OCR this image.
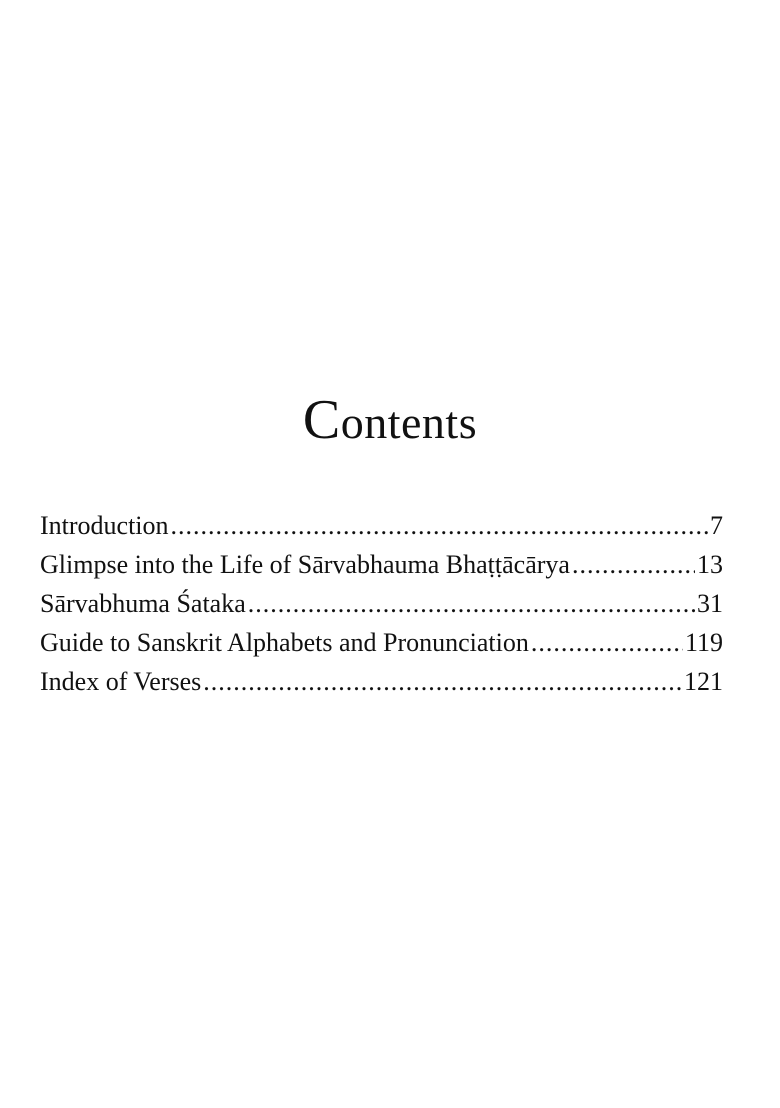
Contents
Introduction .....	7
Glimpse into the Life of Sārvabhauma Bhaṭṭācārya .....	13
Sārvabhuma Śataka .....	31
Guide to Sanskrit Alphabets and Pronunciation .....	119
Index of Verses .....	121
